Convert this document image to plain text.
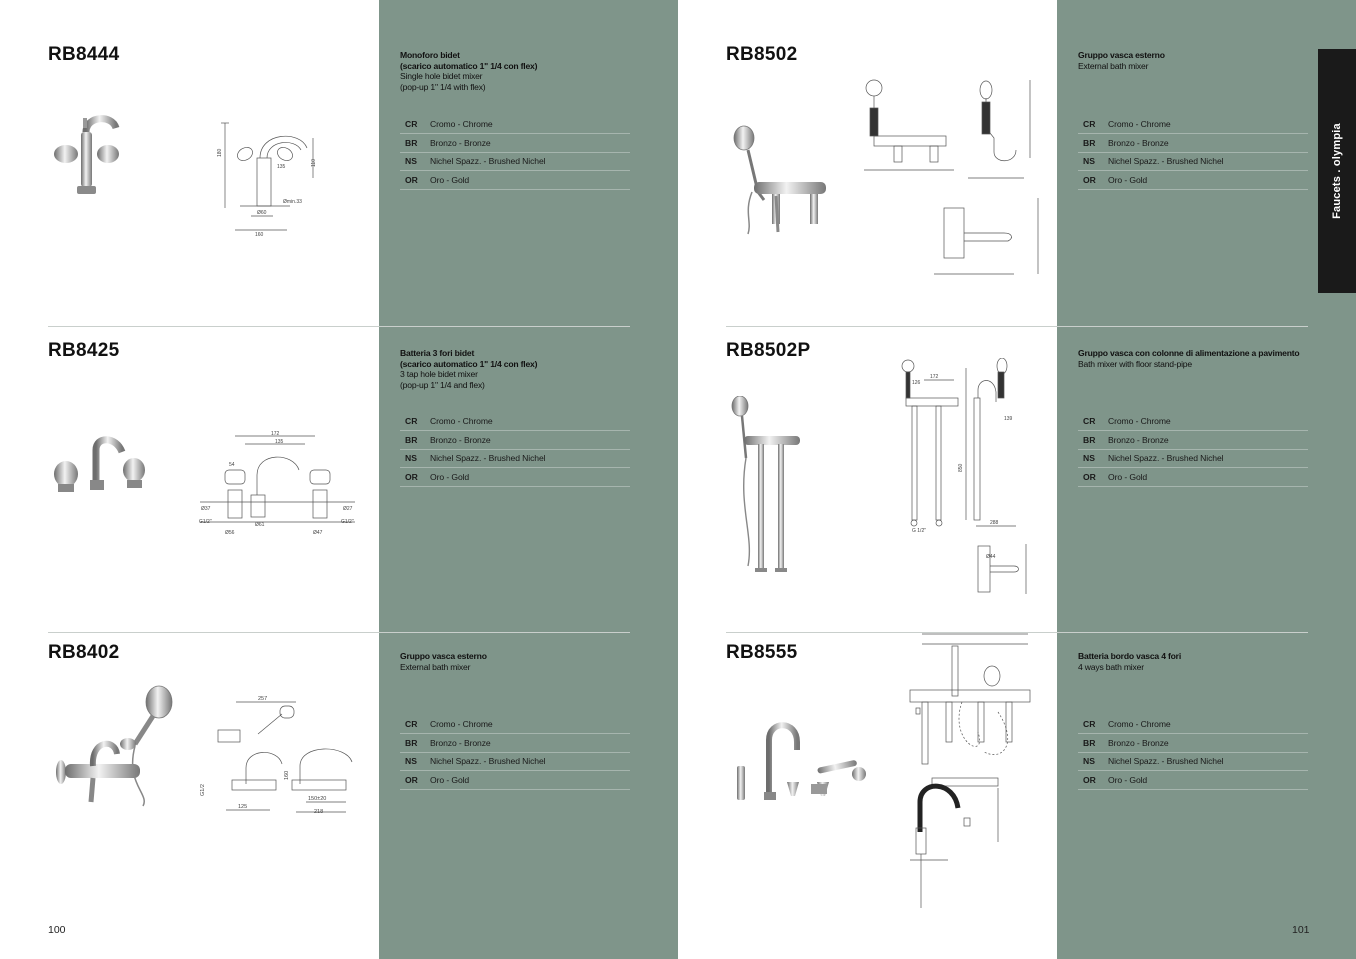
RB8444	Monoforo bidet
(scarico automatico 1" 1/4 con flex)
Single hole bidet mixer
(pop-up 1" 1/4 with flex)
CR	Cromo - Chrome
BR	Bronzo - Bronze
NS	Nichel Spazz. - Brushed Nichel
OR	Oro - Gold
180
110
135
Ø60
Ømin.33
160
RB8425	Batteria 3 fori bidet
(scarico automatico 1" 1/4 con flex)
3 tap hole bidet mixer
(pop-up 1" 1/4 and flex)
CR	Cromo - Chrome
BR	Bronzo - Bronze
NS	Nichel Spazz. - Brushed Nichel
OR	Oro - Gold
172
135
54
Ø37
G1/2"
Ø56
Ø61
Ø47
Ø27
G1/2"
RB8402	Gruppo vasca esterno
External bath mixer
CR	Cromo - Chrome
BR	Bronzo - Bronze
NS	Nichel Spazz. - Brushed Nichel
OR	Oro - Gold
257
G1/2
125
150±20
218
160
100
RB8502	Gruppo vasca esterno
External bath mixer
CR	Cromo - Chrome
BR	Bronzo - Bronze
NS	Nichel Spazz. - Brushed Nichel
OR	Oro - Gold
RB8502P	Gruppo vasca con colonne di alimentazione a pavimento
Bath mixer with floor stand-pipe
CR	Cromo - Chrome
BR	Bronzo - Bronze
NS	Nichel Spazz. - Brushed Nichel
OR	Oro - Gold
126
172
850
139
Ø44
288
G 1/2"
RB8555	Batteria bordo vasca 4 fori
4 ways bath mixer
CR	Cromo - Chrome
BR	Bronzo - Bronze
NS	Nichel Spazz. - Brushed Nichel
OR	Oro - Gold
101
Faucets . olympia
